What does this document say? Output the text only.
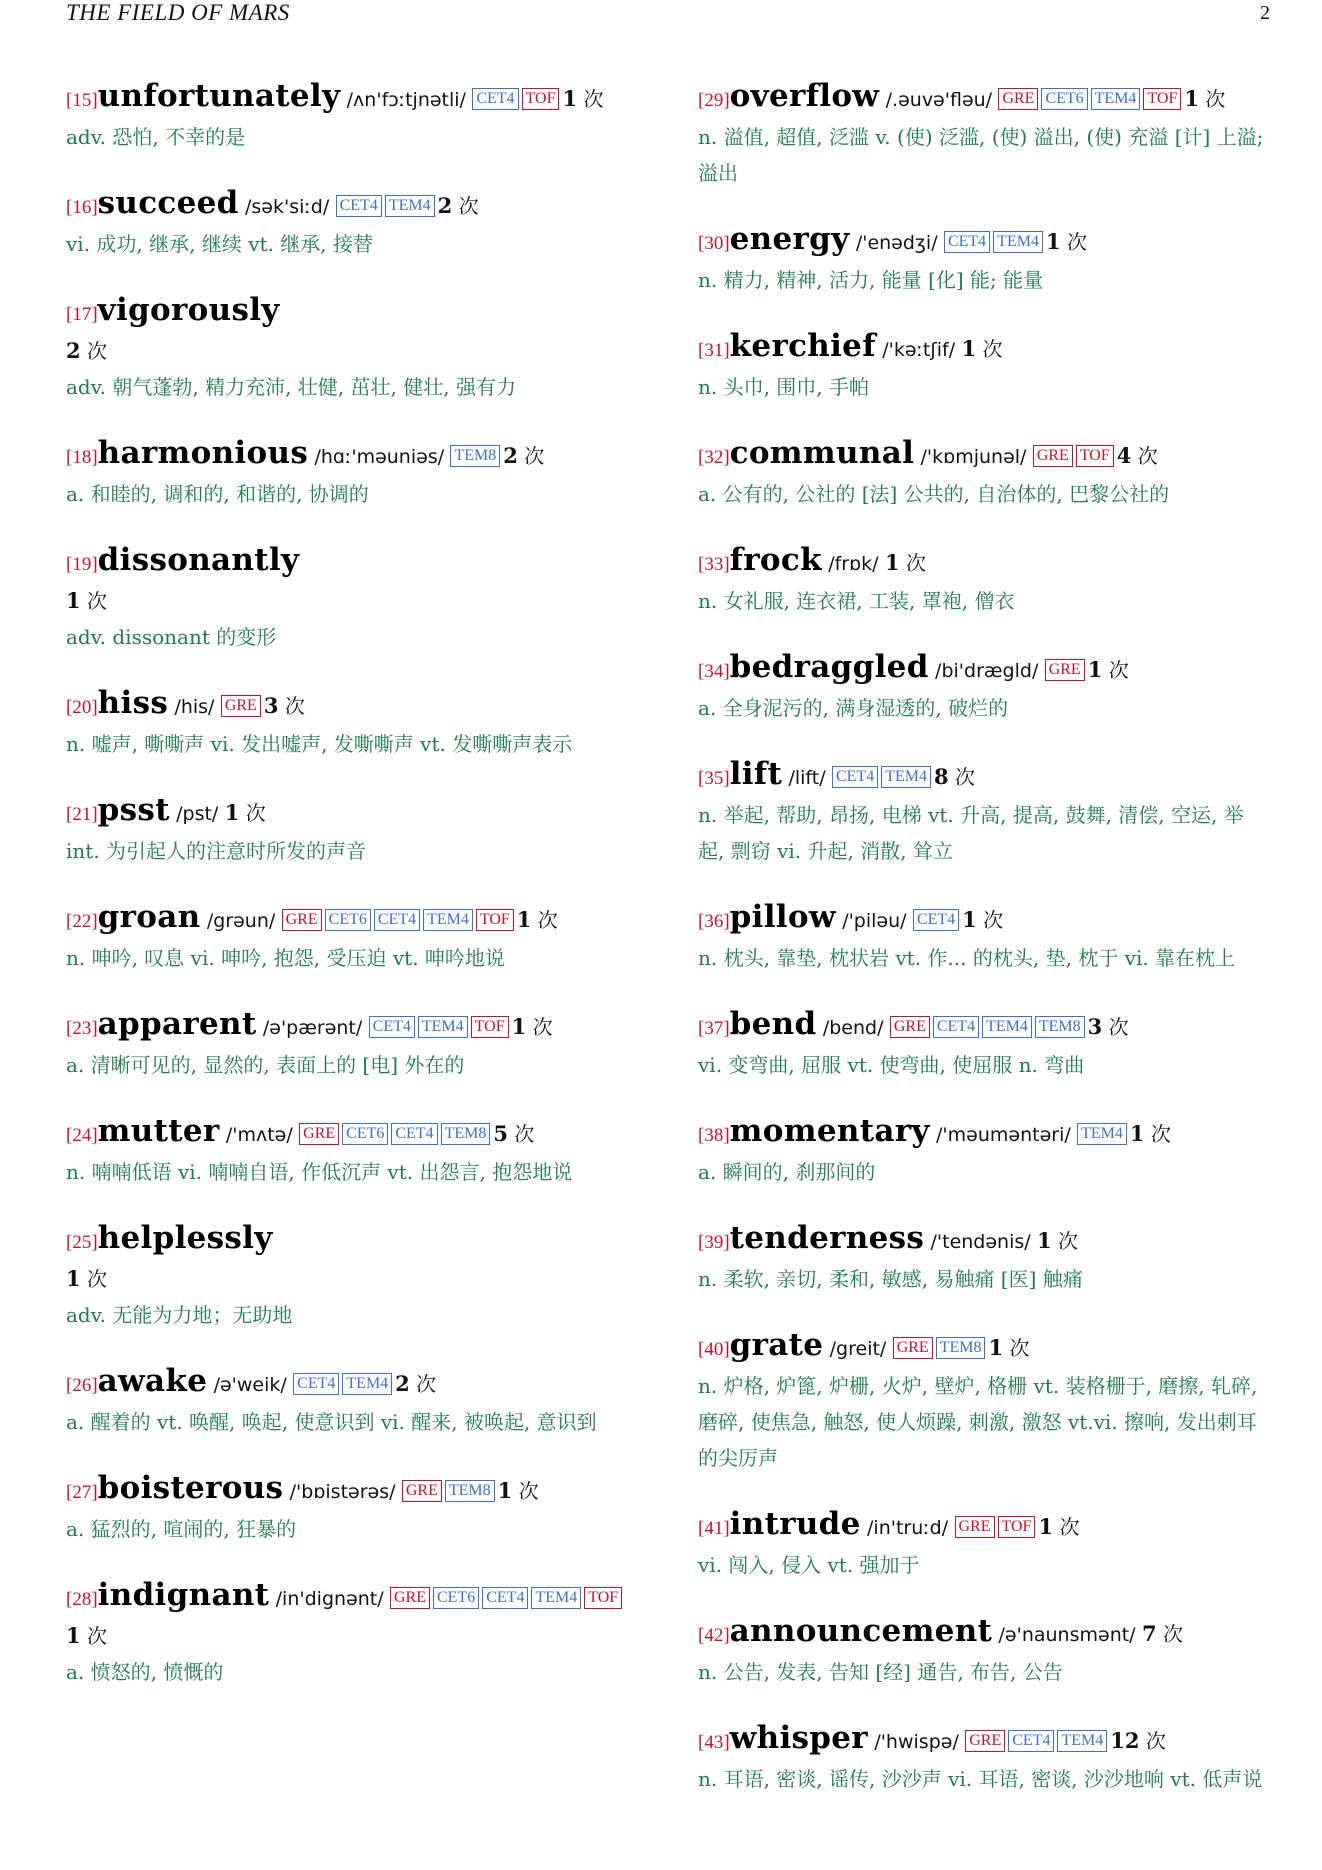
THE FIELD OF MARS	2
[15]unfortunately /ʌn'fɔːtjnətli/ CET4 TOF 1 次
adv. 恐怕, 不幸的是
[16]succeed /sək'siːd/ CET4 TEM4 2 次
vi. 成功, 继承, 继续 vt. 继承, 接替
[17]vigorously
2 次
adv. 朝气蓬勃, 精力充沛, 壮健, 茁壮, 健壮, 强有力
[18]harmonious /hɑː'məuniəs/ TEM8 2 次
a. 和睦的, 调和的, 和谐的, 协调的
[19]dissonantly
1 次
adv. dissonant 的变形
[20]hiss /his/ GRE 3 次
n. 嘘声, 嘶嘶声 vi. 发出嘘声, 发嘶嘶声 vt. 发嘶嘶声表示
[21]psst /pst/ 1 次
int. 为引起人的注意时所发的声音
[22]groan /grəun/ GRE CET6 CET4 TEM4 TOF 1 次
n. 呻吟, 叹息 vi. 呻吟, 抱怨, 受压迫 vt. 呻吟地说
[23]apparent /ə'pærənt/ CET4 TEM4 TOF 1 次
a. 清晰可见的, 显然的, 表面上的 [电] 外在的
[24]mutter /'mʌtə/ GRE CET6 CET4 TEM8 5 次
n. 喃喃低语 vi. 喃喃自语, 作低沉声 vt. 出怨言, 抱怨地说
[25]helplessly
1 次
adv. 无能为力地；无助地
[26]awake /ə'weik/ CET4 TEM4 2 次
a. 醒着的 vt. 唤醒, 唤起, 使意识到 vi. 醒来, 被唤起, 意识到
[27]boisterous /'bɒistərəs/ GRE TEM8 1 次
a. 猛烈的, 喧闹的, 狂暴的
[28]indignant /in'dignənt/ GRE CET6 CET4 TEM4 TOF1 次
a. 愤怒的, 愤慨的
[29]overflow /.əuvə'fləu/ GRE CET6 TEM4 TOF 1 次
n. 溢值, 超值, 泛滥 v. (使) 泛滥, (使) 溢出, (使) 充溢 [计] 上溢; 溢出
[30]energy /'enədʒi/ CET4 TEM4 1 次
n. 精力, 精神, 活力, 能量 [化] 能; 能量
[31]kerchief /'kəːtʃif/ 1 次
n. 头巾, 围巾, 手帕
[32]communal /'kɒmjunəl/ GRE TOF 4 次
a. 公有的, 公社的 [法] 公共的, 自治体的, 巴黎公社的
[33]frock /frɒk/ 1 次
n. 女礼服, 连衣裙, 工装, 罩袍, 僧衣
[34]bedraggled /bi'drægld/ GRE 1 次
a. 全身泥污的, 满身湿透的, 破烂的
[35]lift /lift/ CET4 TEM4 8 次
n. 举起, 帮助, 昂扬, 电梯 vt. 升高, 提高, 鼓舞, 清偿, 空运, 举起, 剽窃 vi. 升起, 消散, 耸立
[36]pillow /'piləu/ CET4 1 次
n. 枕头, 靠垫, 枕状岩 vt. 作... 的枕头, 垫, 枕于 vi. 靠在枕上
[37]bend /bend/ GRE CET4 TEM4 TEM8 3 次
vi. 变弯曲, 屈服 vt. 使弯曲, 使屈服 n. 弯曲
[38]momentary /'məuməntəri/ TEM4 1 次
a. 瞬间的, 刹那间的
[39]tenderness /'tendənis/ 1 次
n. 柔软, 亲切, 柔和, 敏感, 易触痛 [医] 触痛
[40]grate /greit/ GRE TEM8 1 次
n. 炉格, 炉篦, 炉栅, 火炉, 壁炉, 格栅 vt. 装格栅于, 磨擦, 轧碎, 磨碎, 使焦急, 触怒, 使人烦躁, 刺激, 激怒 vt.vi. 擦响, 发出刺耳的尖厉声
[41]intrude /in'truːd/ GRE TOF 1 次
vi. 闯入, 侵入 vt. 强加于
[42]announcement /ə'naunsmənt/ 7 次
n. 公告, 发表, 告知 [经] 通告, 布告, 公告
[43]whisper /'hwispə/ GRE CET4 TEM4 12 次
n. 耳语, 密谈, 谣传, 沙沙声 vi. 耳语, 密谈, 沙沙地响 vt. 低声说
